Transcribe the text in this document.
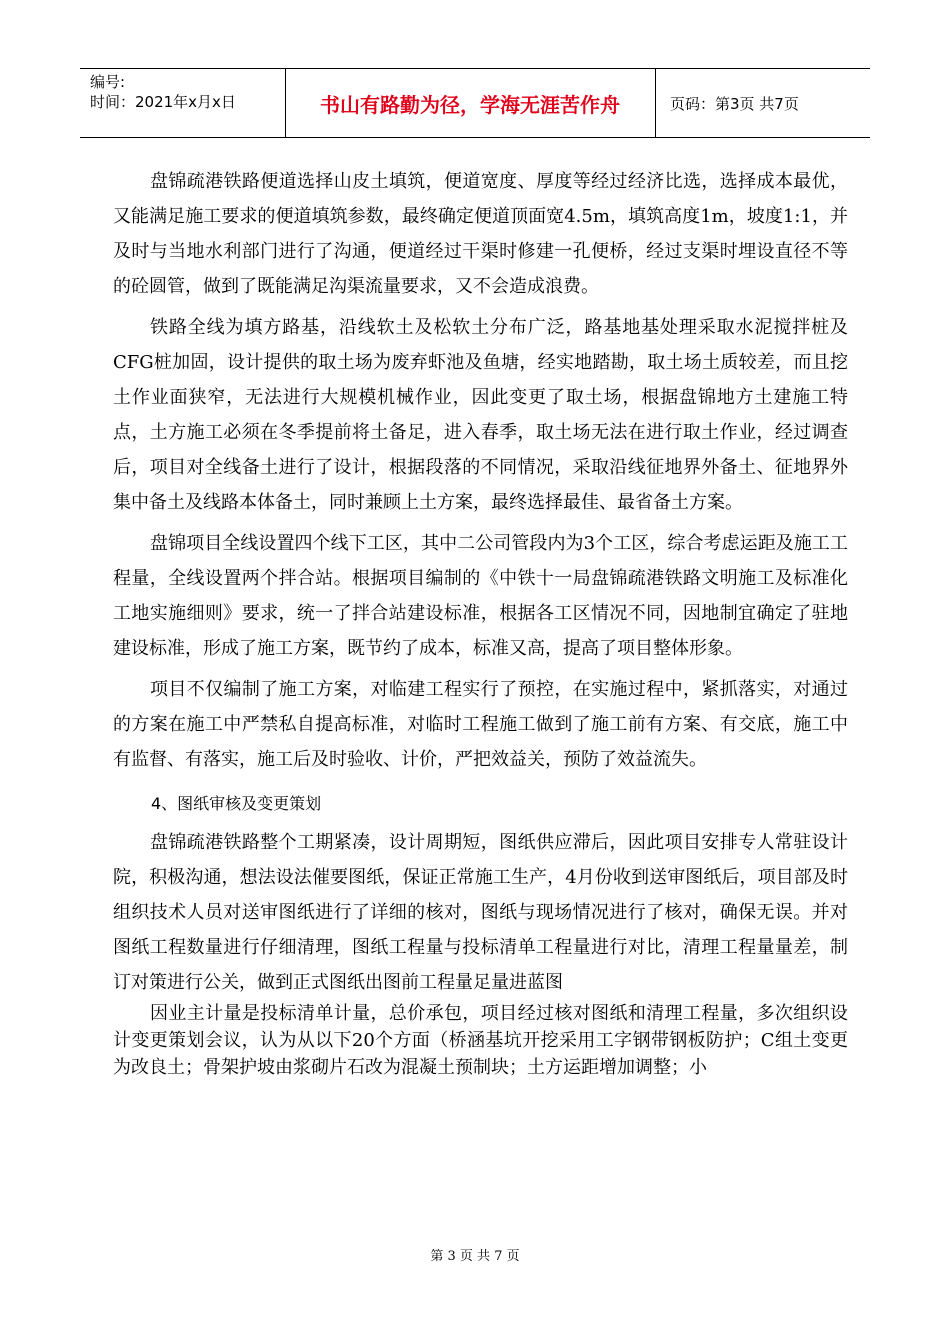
编号:
时间：2021年x月x日	书山有路勤为径，学海无涯苦作舟	页码：第3页 共7页

盘锦疏港铁路便道选择山皮土填筑，便道宽度、厚度等经过经济比选，选择成本最优，又能满足施工要求的便道填筑参数，最终确定便道顶面宽4.5m，填筑高度1m，坡度1:1，并及时与当地水利部门进行了沟通，便道经过干渠时修建一孔便桥，经过支渠时埋设直径不等的砼圆管，做到了既能满足沟渠流量要求，又不会造成浪费。

铁路全线为填方路基，沿线软土及松软土分布广泛，路基地基处理采取水泥搅拌桩及CFG桩加固，设计提供的取土场为废弃虾池及鱼塘，经实地踏勘，取土场土质较差，而且挖土作业面狭窄，无法进行大规模机械作业，因此变更了取土场，根据盘锦地方土建施工特点，土方施工必须在冬季提前将土备足，进入春季，取土场无法在进行取土作业，经过调查后，项目对全线备土进行了设计，根据段落的不同情况，采取沿线征地界外备土、征地界外集中备土及线路本体备土，同时兼顾上土方案，最终选择最佳、最省备土方案。

盘锦项目全线设置四个线下工区，其中二公司管段内为3个工区，综合考虑运距及施工工程量，全线设置两个拌合站。根据项目编制的《中铁十一局盘锦疏港铁路文明施工及标准化工地实施细则》要求，统一了拌合站建设标准，根据各工区情况不同，因地制宜确定了驻地建设标准，形成了施工方案，既节约了成本，标准又高，提高了项目整体形象。

项目不仅编制了施工方案，对临建工程实行了预控，在实施过程中，紧抓落实，对通过的方案在施工中严禁私自提高标准，对临时工程施工做到了施工前有方案、有交底，施工中有监督、有落实，施工后及时验收、计价，严把效益关，预防了效益流失。

4、图纸审核及变更策划

盘锦疏港铁路整个工期紧凑，设计周期短，图纸供应滞后，因此项目安排专人常驻设计院，积极沟通，想法设法催要图纸，保证正常施工生产，4月份收到送审图纸后，项目部及时组织技术人员对送审图纸进行了详细的核对，图纸与现场情况进行了核对，确保无误。并对图纸工程数量进行仔细清理，图纸工程量与投标清单工程量进行对比，清理工程量量差，制订对策进行公关，做到正式图纸出图前工程量足量进蓝图

因业主计量是投标清单计量，总价承包，项目经过核对图纸和清理工程量，多次组织设计变更策划会议，认为从以下20个方面（桥涵基坑开挖采用工字钢带钢板防护；C组土变更为改良土；骨架护坡由浆砌片石改为混凝土预制块；土方运距增加调整；小

第 3 页 共 7 页
